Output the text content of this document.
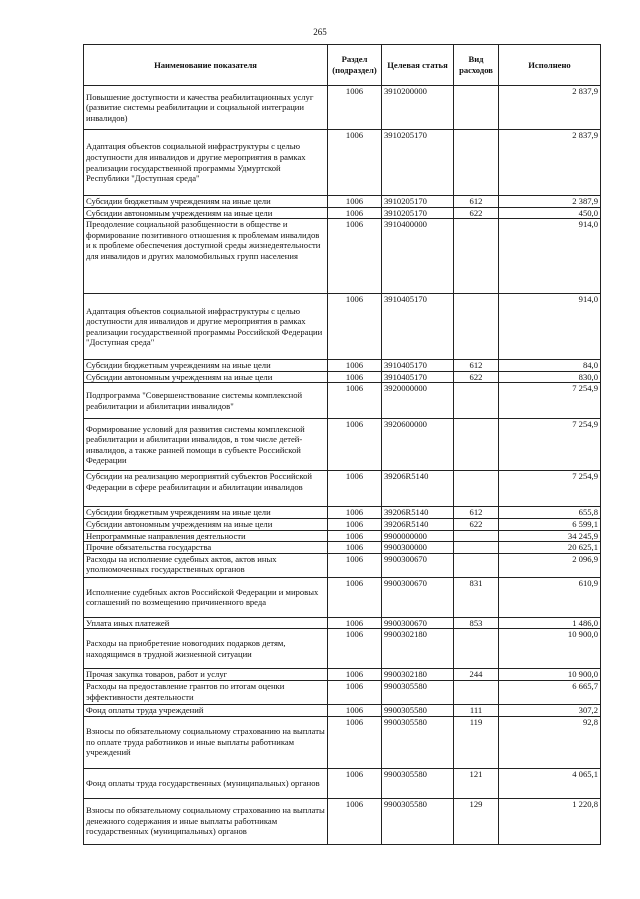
265
Наименование показателя	Раздел (подраздел)	Целевая статья	Вид расходов	Исполнено
Повышение доступности и качества реабилитационных услуг (развитие системы реабилитации и социальной интеграции инвалидов)	1006	3910200000		2 837,9
Адаптация объектов социальной инфраструктуры с целью доступности для инвалидов и другие мероприятия в рамках реализации государственной программы Удмуртской Республики "Доступная среда"	1006	3910205170		2 837,9
Субсидии бюджетным учреждениям на иные цели	1006	3910205170	612	2 387,9
Субсидии автономным учреждениям на иные цели	1006	3910205170	622	450,0
Преодоление социальной разобщенности в обществе и формирование позитивного отношения к проблемам инвалидов и к проблеме обеспечения доступной среды жизнедеятельности для инвалидов и других маломобильных групп населения	1006	3910400000		914,0
Адаптация объектов социальной инфраструктуры с целью доступности для инвалидов и другие мероприятия в рамках реализации государственной программы Российской Федерации "Доступная среда"	1006	3910405170		914,0
Субсидии бюджетным учреждениям на иные цели	1006	3910405170	612	84,0
Субсидии автономным учреждениям на иные цели	1006	3910405170	622	830,0
Подпрограмма "Совершенствование системы комплексной реабилитации и абилитации инвалидов"	1006	3920000000		7 254,9
Формирование условий для развития системы комплексной реабилитации и абилитации инвалидов, в том числе детей-инвалидов, а также ранней помощи в субъекте Российской Федерации	1006	3920600000		7 254,9
Субсидии на реализацию мероприятий субъектов Российской Федерации в сфере реабилитации и абилитации инвалидов	1006	39206R5140		7 254,9
Субсидии бюджетным учреждениям на иные цели	1006	39206R5140	612	655,8
Субсидии автономным учреждениям на иные цели	1006	39206R5140	622	6 599,1
Непрограммные направления деятельности	1006	9900000000		34 245,9
Прочие обязательства государства	1006	9900300000		20 625,1
Расходы на исполнение судебных актов, актов иных уполномоченных государственных органов	1006	9900300670		2 096,9
Исполнение судебных актов Российской Федерации и мировых соглашений по возмещению причиненного вреда	1006	9900300670	831	610,9
Уплата иных платежей	1006	9900300670	853	1 486,0
Расходы на приобретение новогодних подарков детям, находящимся в трудной жизненной ситуации	1006	9900302180		10 900,0
Прочая закупка товаров, работ и услуг	1006	9900302180	244	10 900,0
Расходы на предоставление грантов по итогам оценки эффективности деятельности	1006	9900305580		6 665,7
Фонд оплаты труда учреждений	1006	9900305580	111	307,2
Взносы по обязательному социальному страхованию на выплаты по оплате труда работников и иные выплаты работникам учреждений	1006	9900305580	119	92,8
Фонд оплаты труда государственных (муниципальных) органов	1006	9900305580	121	4 065,1
Взносы по обязательному социальному страхованию на выплаты денежного содержания и иные выплаты работникам государственных (муниципальных) органов	1006	9900305580	129	1 220,8
